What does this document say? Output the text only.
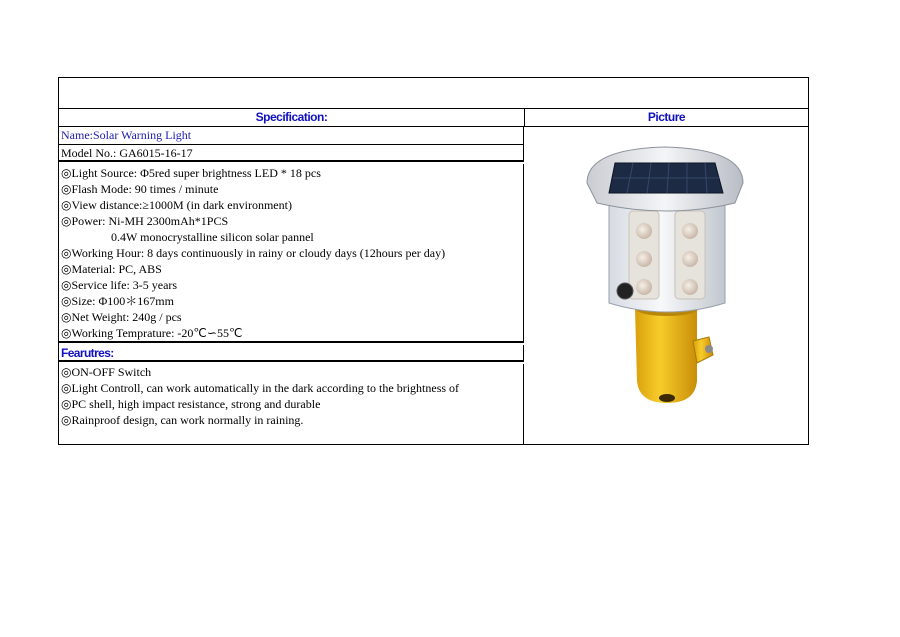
Specification:	Picture
Name:Solar Warning Light
Model No.: GA6015-16-17
◎Light Source: Φ5red super brightness LED * 18 pcs
◎Flash Mode: 90 times / minute
◎View distance:≥1000M (in dark environment)
◎Power: Ni-MH 2300mAh*1PCS
0.4W monocrystalline silicon solar pannel
◎Working Hour: 8 days continuously in rainy or cloudy days (12hours per day)
◎Material: PC, ABS
◎Service life: 3-5 years
◎Size: Φ100＊167mm
◎Net Weight: 240g / pcs
◎Working Temprature: -20℃∽55℃
Fearutres:
◎ON-OFF Switch
◎Light Controll, can work automatically in the dark according to the brightness of
◎PC shell, high impact resistance, strong and durable
◎Rainproof design, can work normally in raining.
